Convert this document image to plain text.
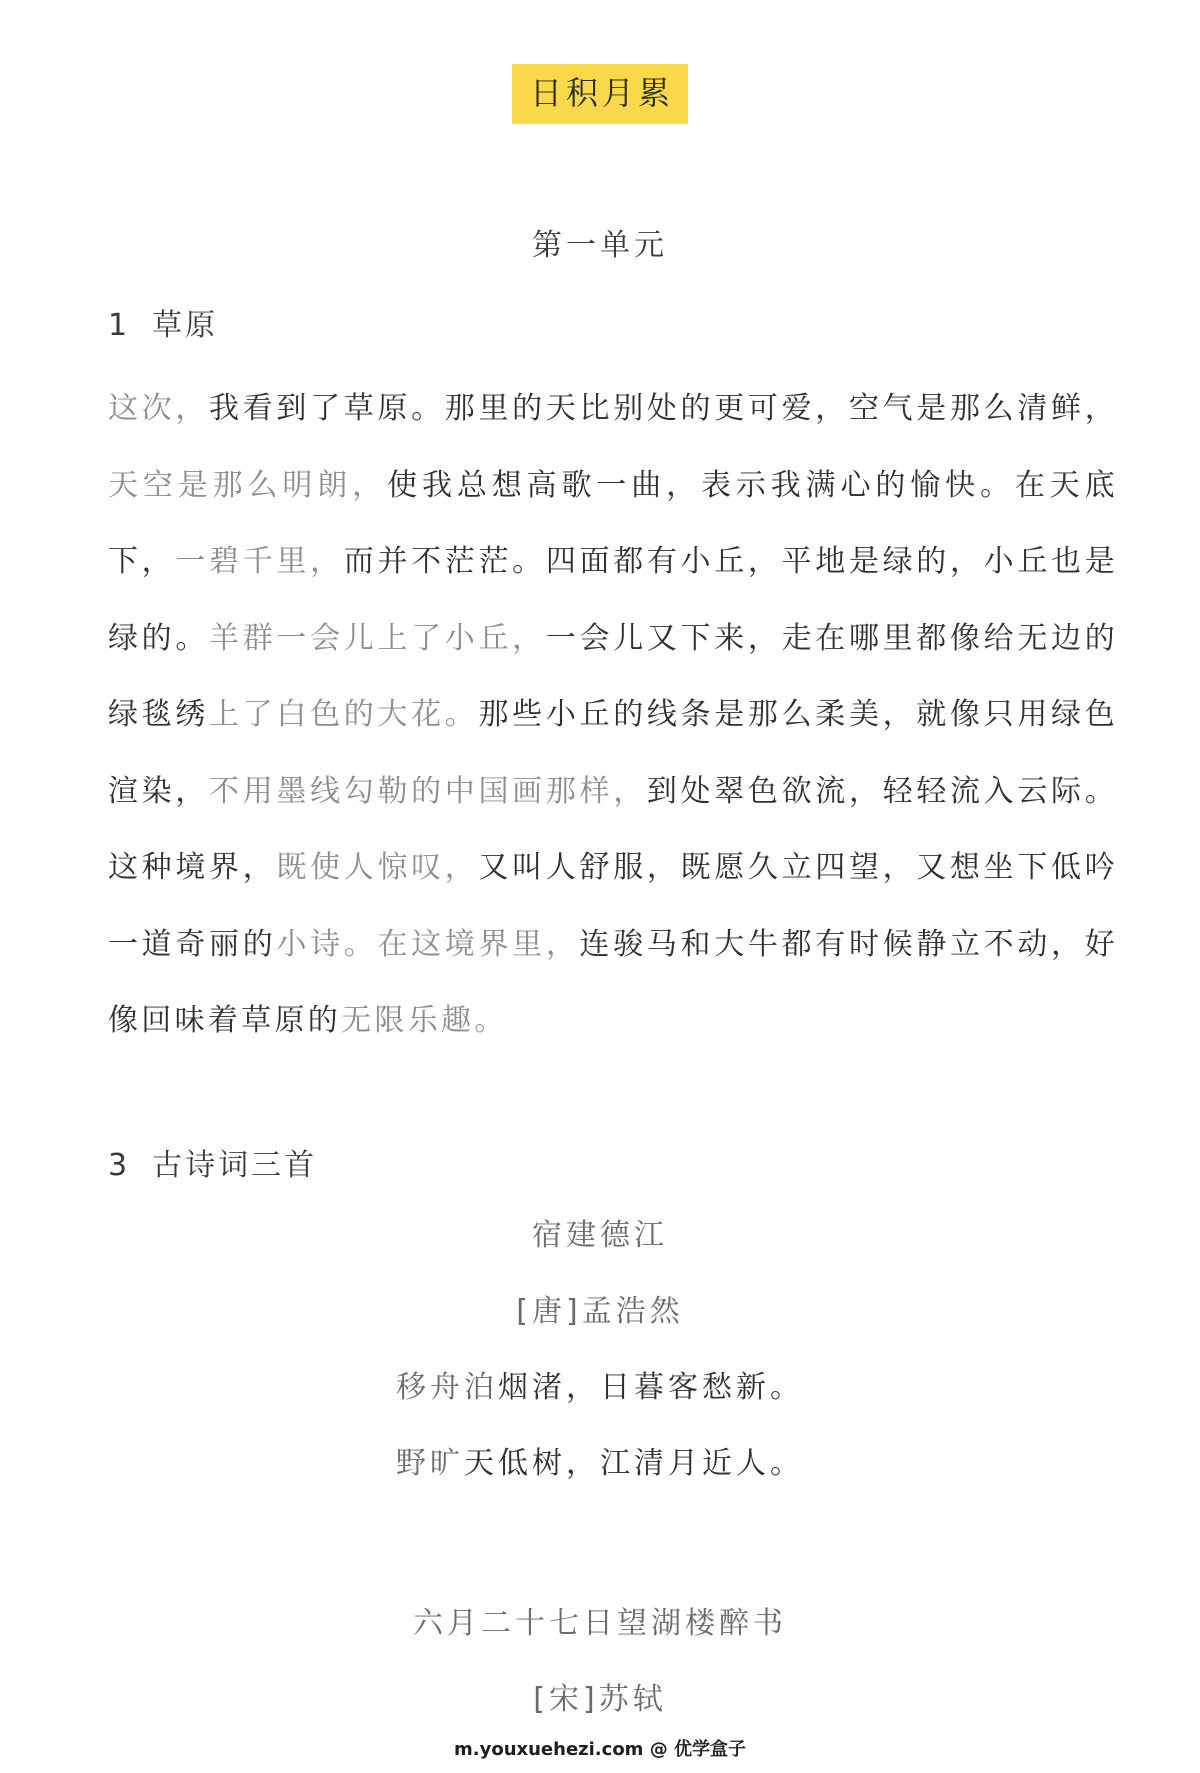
日积月累
第一单元
1 草原
这次，我看到了草原。那里的天比别处的更可爱，空气是那么清鲜，天空是那么明朗，使我总想高歌一曲，表示我满心的愉快。在天底下，一碧千里，而并不茫茫。四面都有小丘，平地是绿的，小丘也是绿的。羊群一会儿上了小丘，一会儿又下来，走在哪里都像给无边的绿毯绣上了白色的大花。那些小丘的线条是那么柔美，就像只用绿色渲染，不用墨线勾勒的中国画那样，到处翠色欲流，轻轻流入云际。这种境界，既使人惊叹，又叫人舒服，既愿久立四望，又想坐下低吟一道奇丽的小诗。在这境界里，连骏马和大牛都有时候静立不动，好像回味着草原的无限乐趣。
3 古诗词三首
宿建德江
[唐]孟浩然
移舟泊烟渚，日暮客愁新。
野旷天低树，江清月近人。
六月二十七日望湖楼醉书
[宋]苏轼
m.youxuehezi.com @ 优学盒子
